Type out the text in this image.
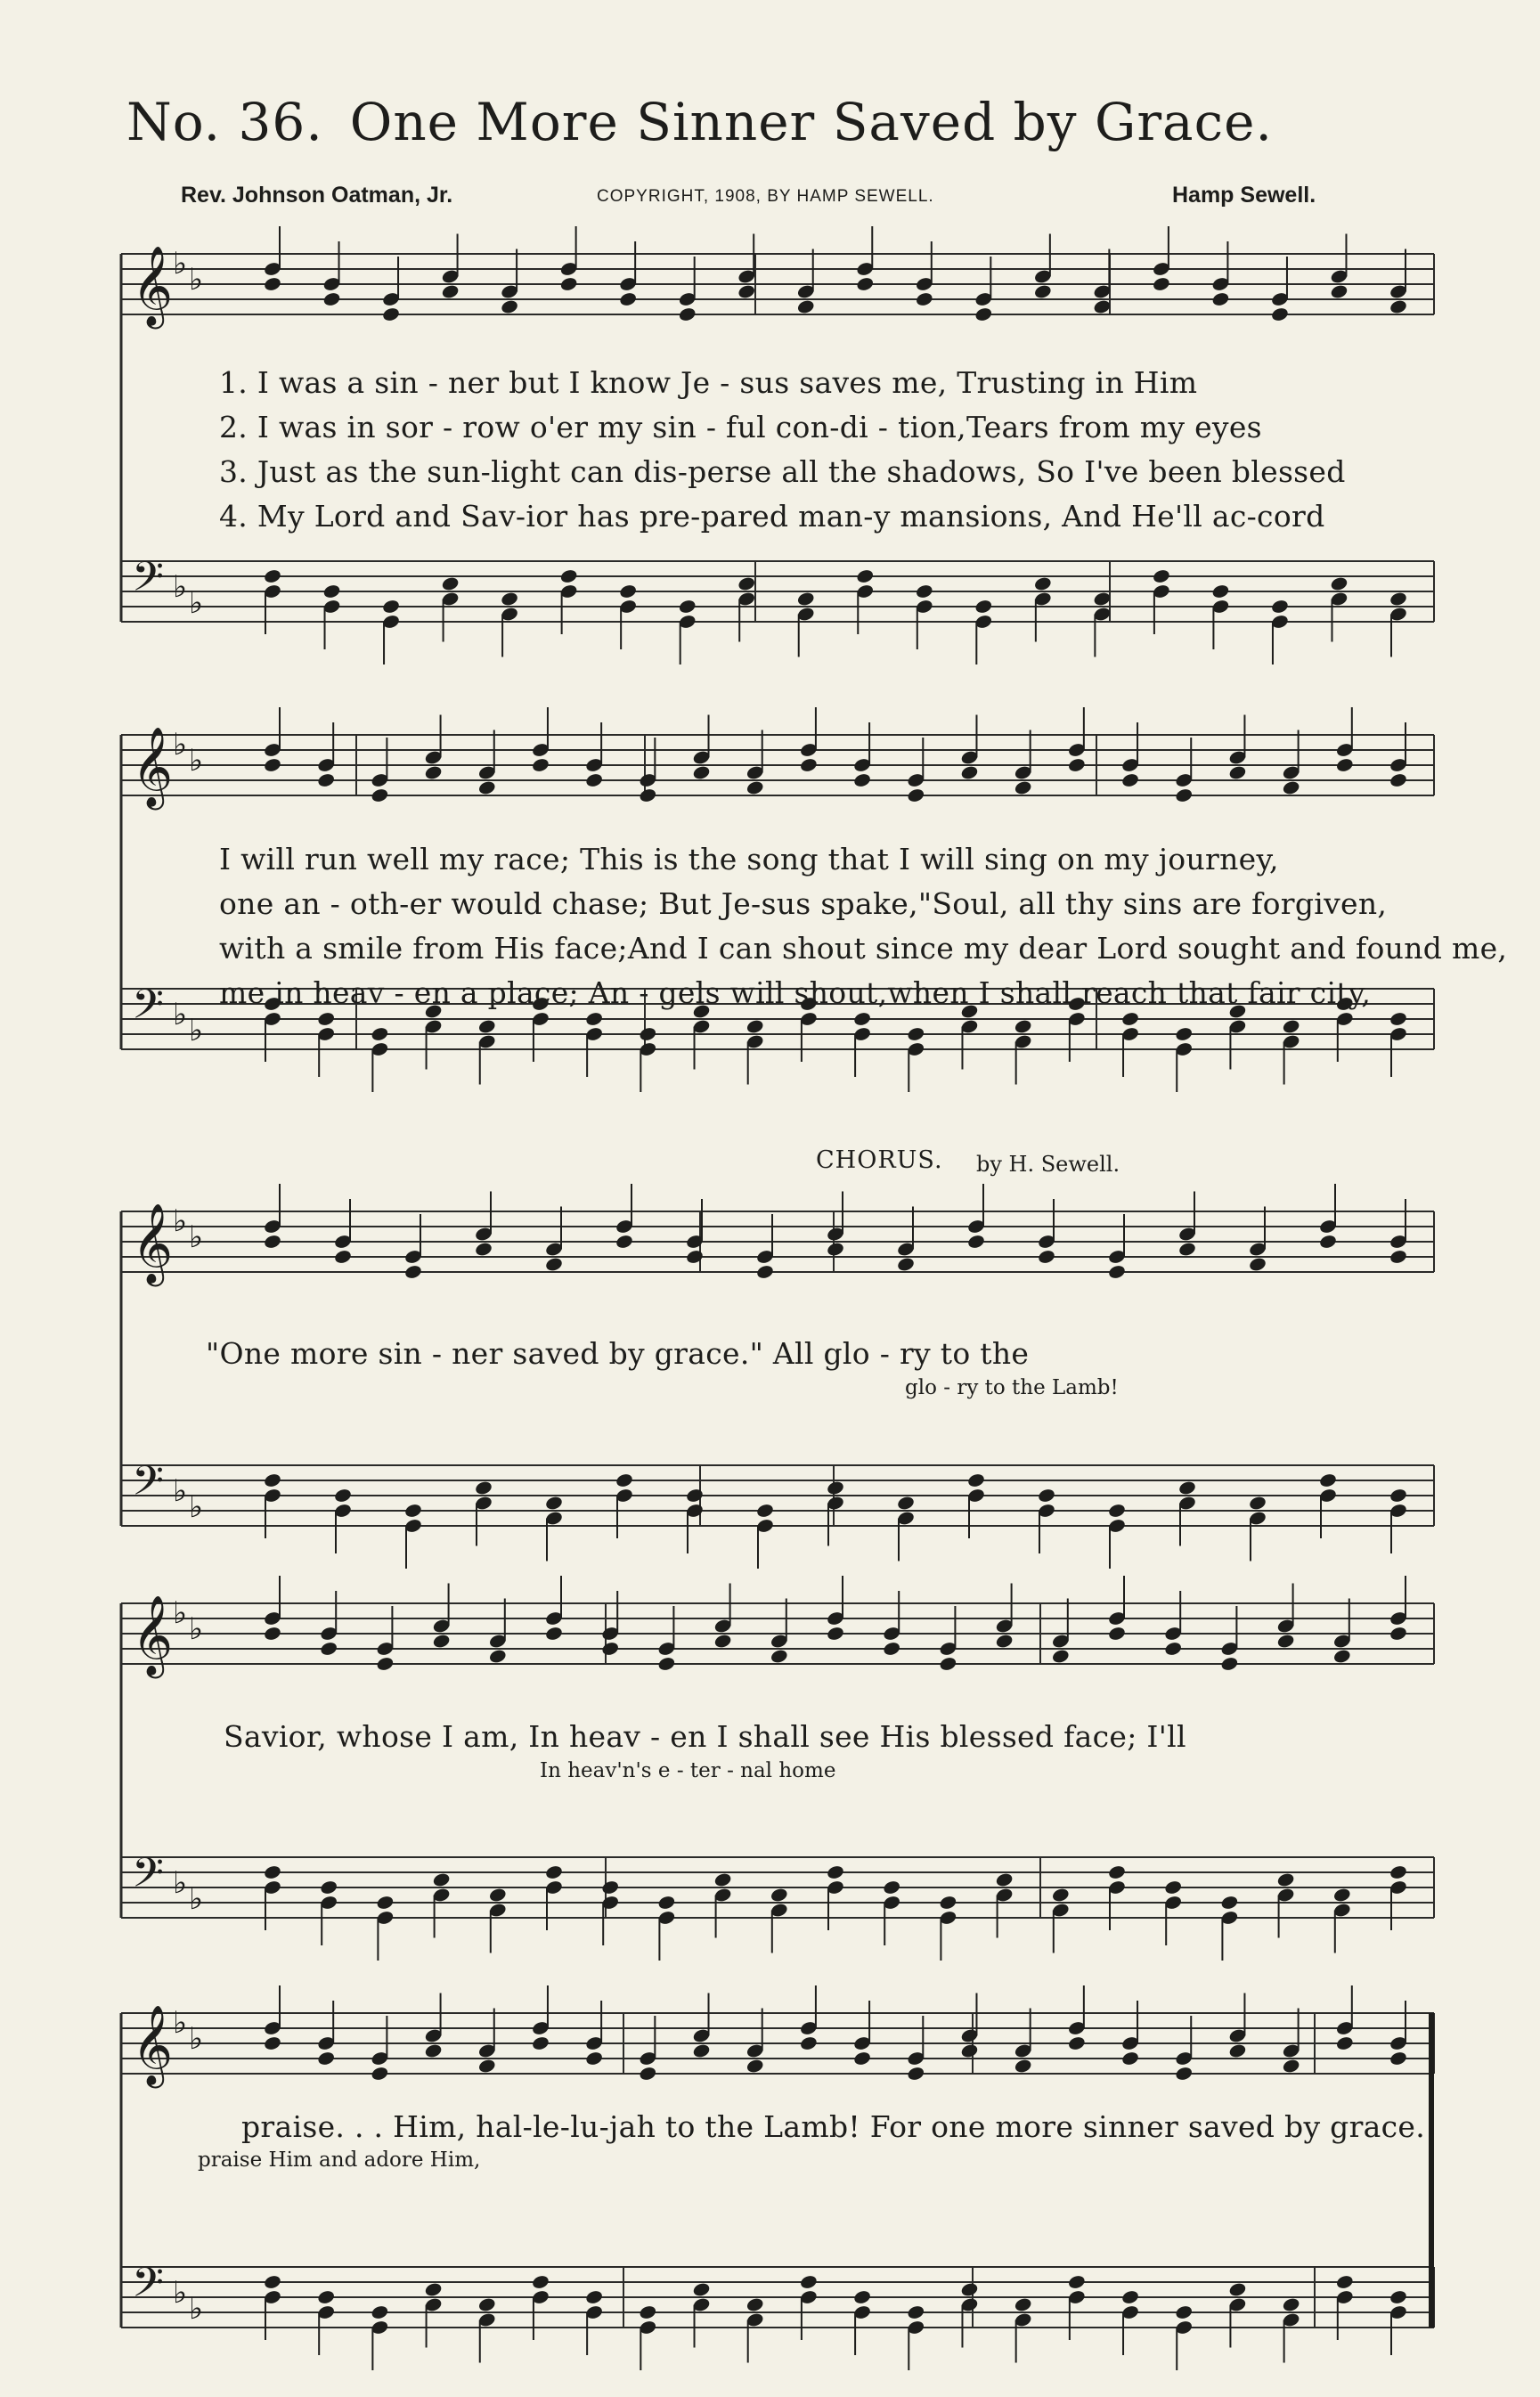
No. 36. One More Sinner Saved by Grace.
Rev. Johnson Oatman, Jr.	COPYRIGHT, 1908, BY HAMP SEWELL.	Hamp Sewell.
𝄞 ♭ ♭
𝄢 ♭ ♭
1. I was a sin - ner but I know Je - sus saves me, Trusting in Him
2. I was in sor - row o'er my sin - ful con-di - tion,Tears from my eyes
3. Just as the sun-light can dis-perse all the shadows, So I've been blessed
4. My Lord and Sav-ior has pre-pared man-y mansions, And He'll ac-cord
𝄞 ♭ ♭
𝄢 ♭ ♭
I will run well my race; This is the song that I will sing on my journey,
one an - oth-er would chase; But Je-sus spake,"Soul, all thy sins are forgiven,
with a smile from His face;And I can shout since my dear Lord sought and found me,
me in heav - en a place; An - gels will shout,when I shall reach that fair city,
CHORUS. by H. Sewell.
𝄞 ♭ ♭
𝄢 ♭ ♭
"One more sin - ner saved by grace." All glo - ry to the
glo - ry to the Lamb!
𝄞 ♭ ♭
𝄢 ♭ ♭
Savior, whose I am, In heav - en I shall see His blessed face; I'll
In heav'n's e - ter - nal home
𝄞 ♭ ♭
𝄢 ♭ ♭
praise. . . Him, hal-le-lu-jah to the Lamb! For one more sinner saved by grace.
praise Him and adore Him,
